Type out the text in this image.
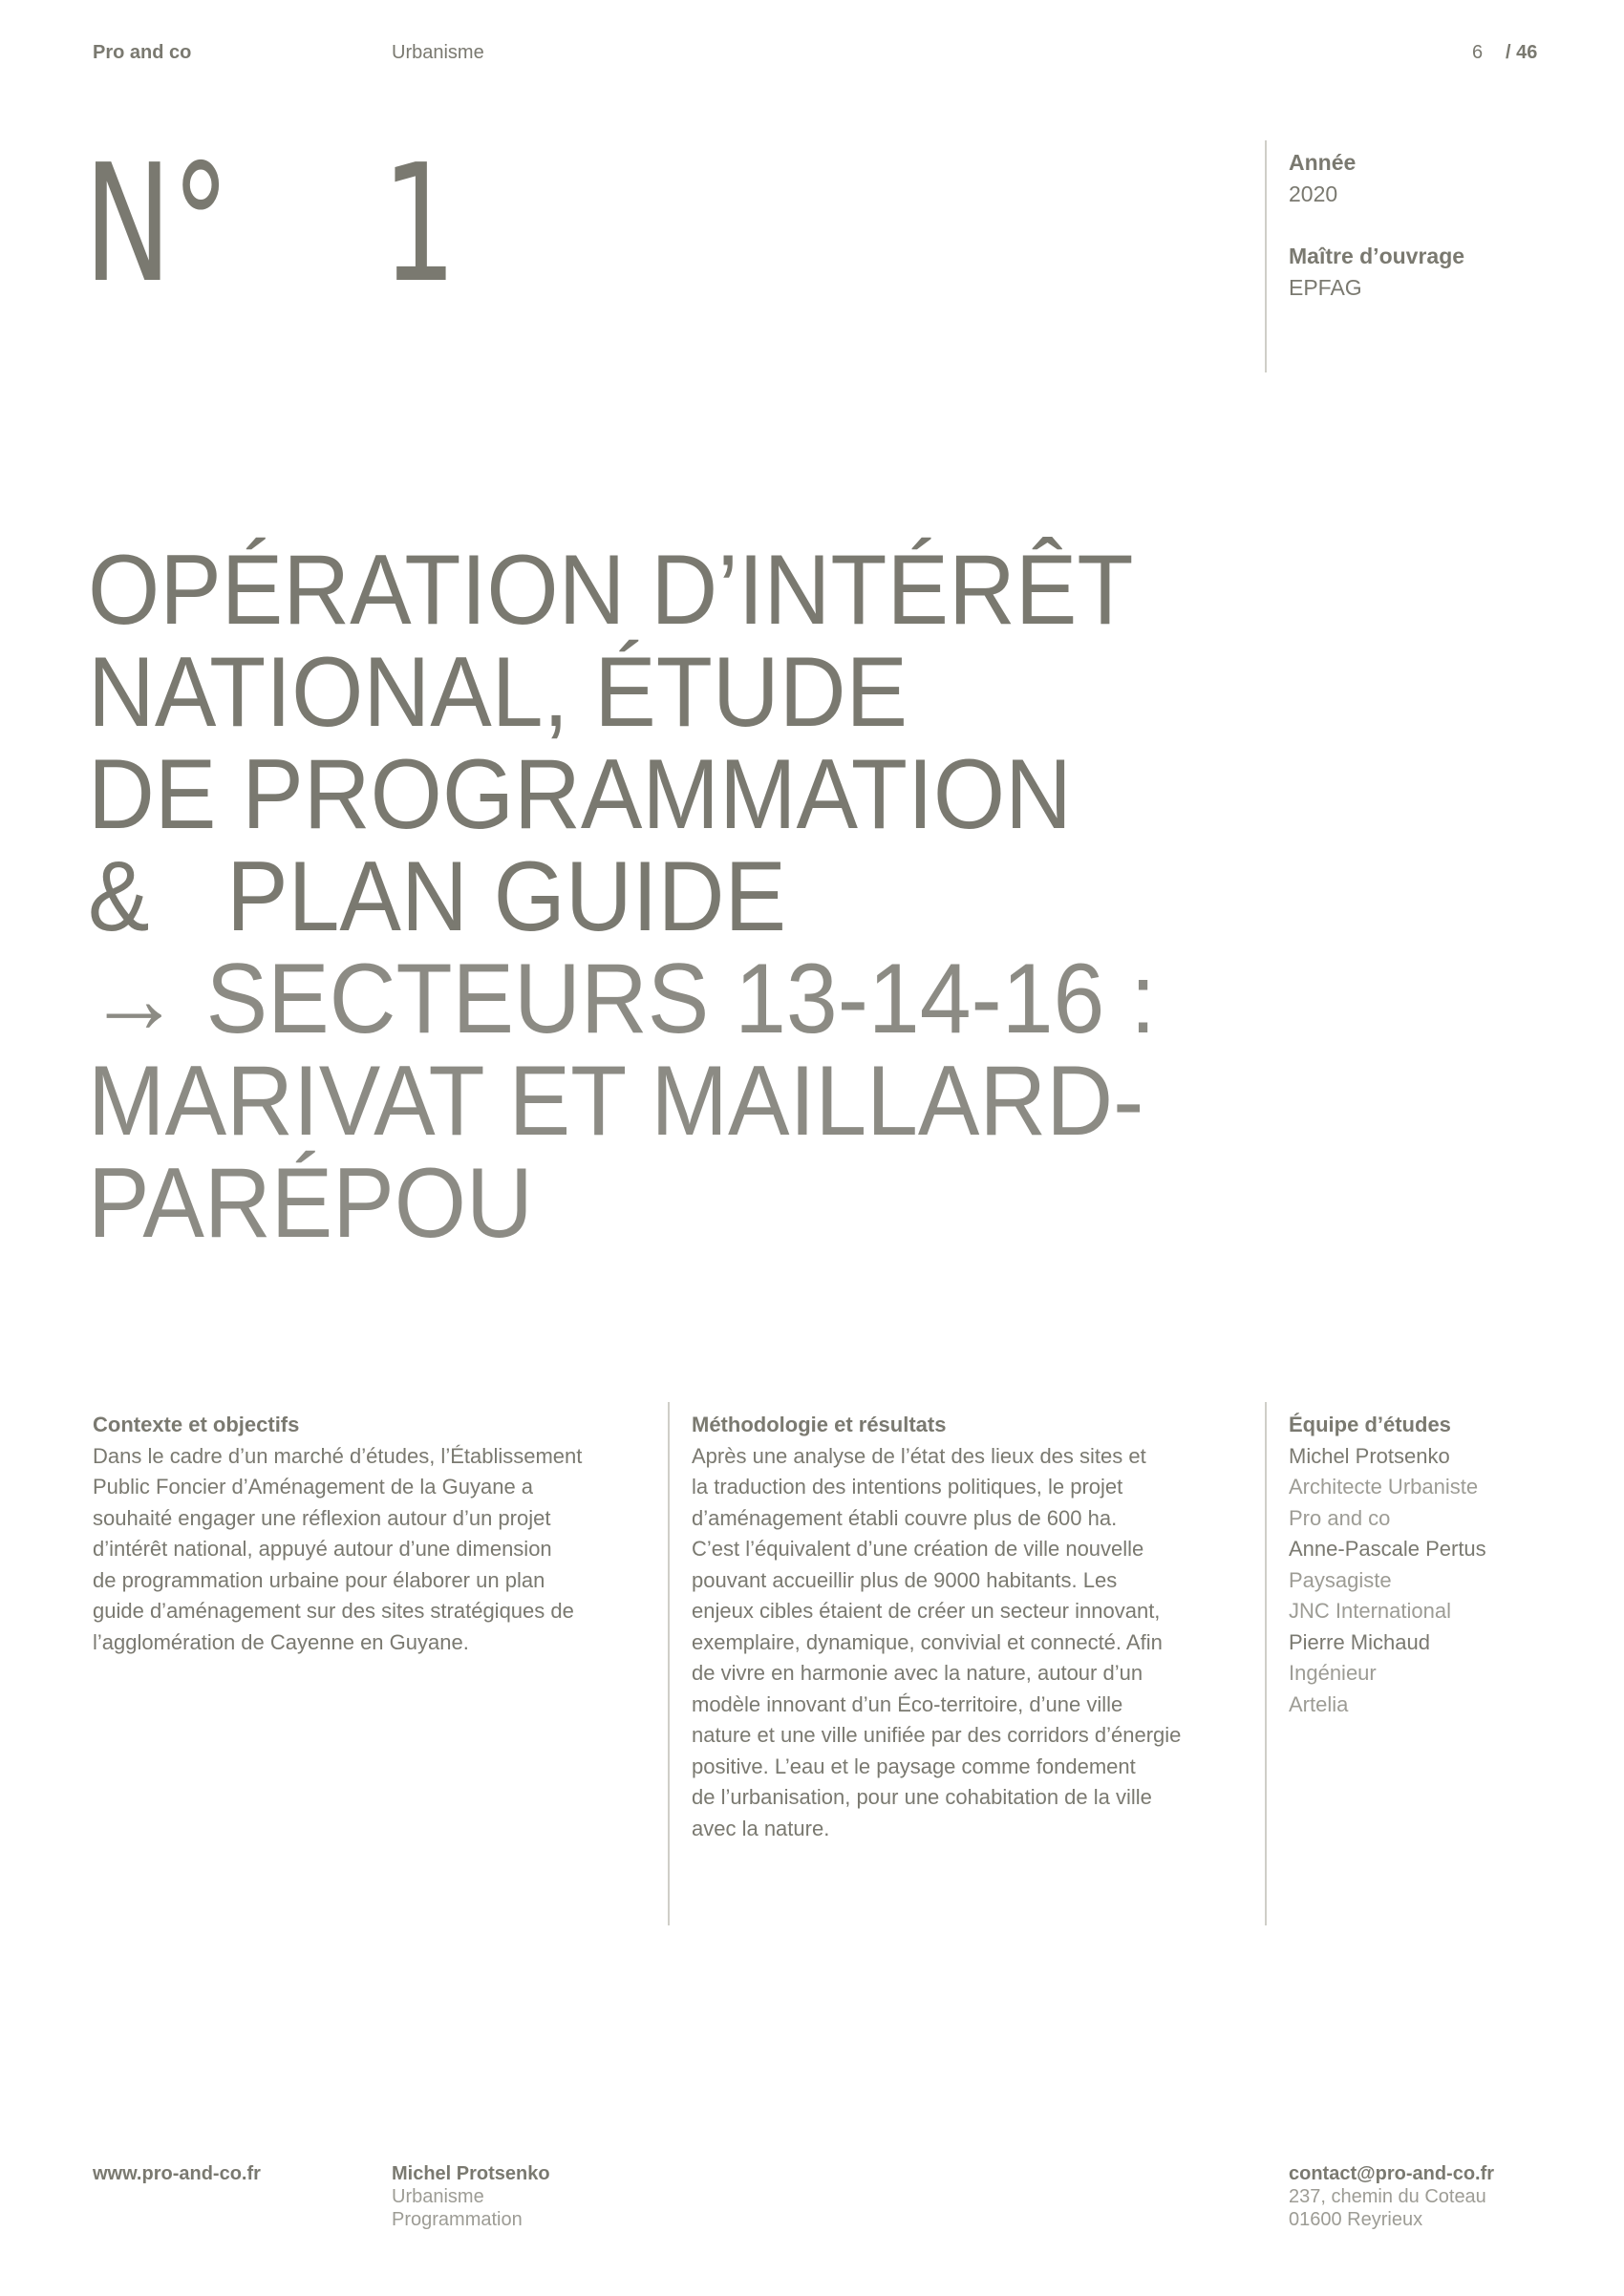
Pro and co	Urbanisme	6 / 46
N° 1	Année
2020
Maître d’ouvrage
EPFAG
OPÉRATION D’INTÉRÊT
NATIONAL, ÉTUDE
DE PROGRAMMATION
&   PLAN GUIDE
→ SECTEURS 13-14-16 :
MARIVAT ET MAILLARD-
PARÉPOU
Contexte et objectifs
Dans le cadre d’un marché d’études, l’Établissement
Public Foncier d’Aménagement de la Guyane a
souhaité engager une réflexion autour d’un projet
d’intérêt national, appuyé autour d’une dimension
de programmation urbaine pour élaborer un plan
guide d’aménagement sur des sites stratégiques de
l’agglomération de Cayenne en Guyane.
Méthodologie et résultats
Après une analyse de l’état des lieux des sites et
la traduction des intentions politiques, le projet
d’aménagement établi couvre plus de 600 ha.
C’est l’équivalent d’une création de ville nouvelle
pouvant accueillir plus de 9000 habitants. Les
enjeux cibles étaient de créer un secteur innovant,
exemplaire, dynamique, convivial et connecté. Afin
de vivre en harmonie avec la nature, autour d’un
modèle innovant d’un Éco-territoire, d’une ville
nature et une ville unifiée par des corridors d’énergie
positive. L’eau et le paysage comme fondement
de l’urbanisation, pour une cohabitation de la ville
avec la nature.
Équipe d’études
Michel Protsenko
Architecte Urbaniste
Pro and co
Anne-Pascale Pertus
Paysagiste
JNC International
Pierre Michaud
Ingénieur
Artelia
www.pro-and-co.fr	Michel Protsenko
Urbanisme
Programmation
contact@pro-and-co.fr
237, chemin du Coteau
01600 Reyrieux
